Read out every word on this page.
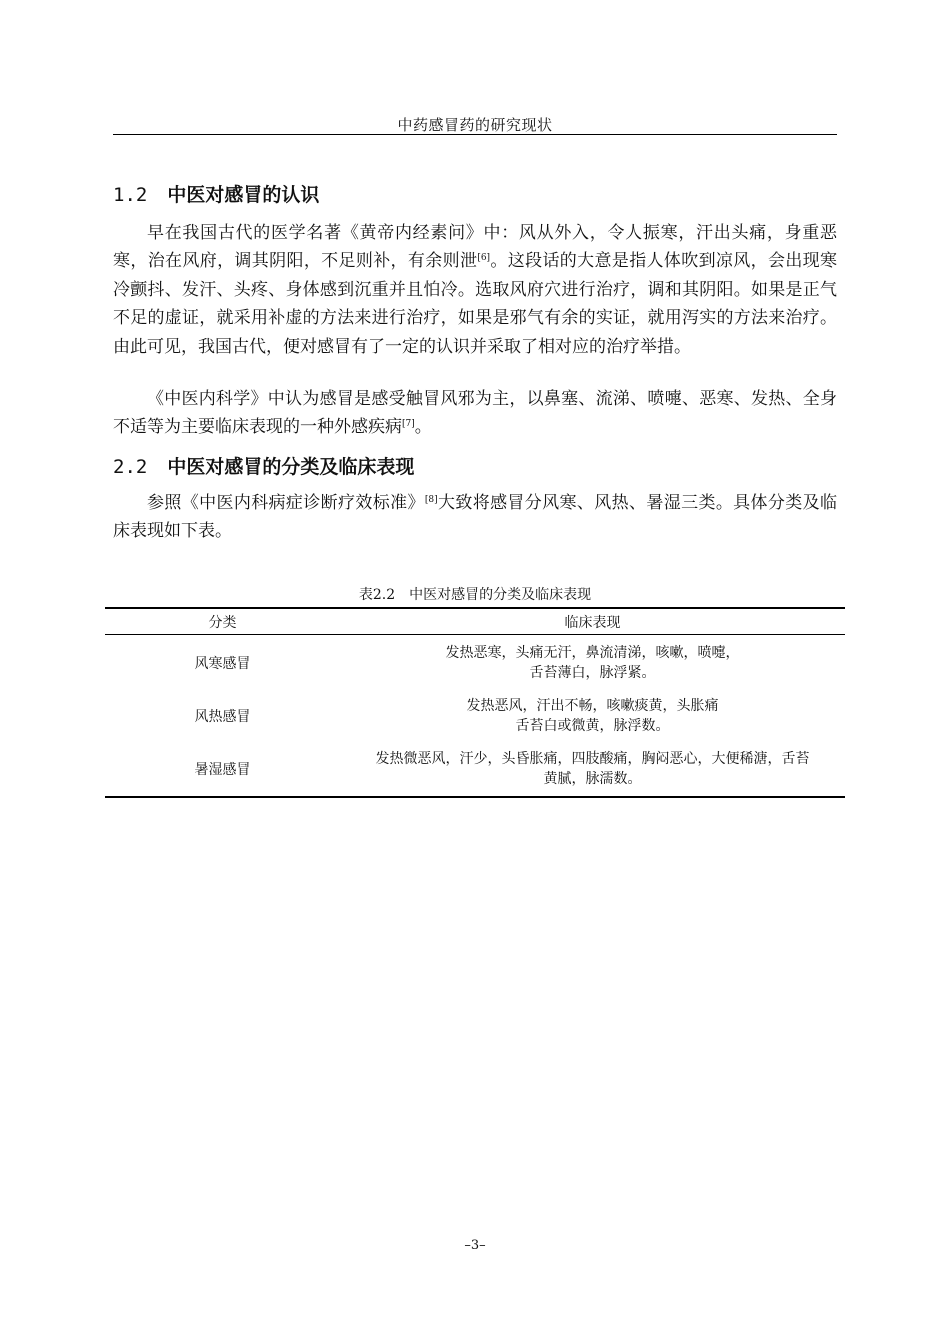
中药感冒药的研究现状
1.2 中医对感冒的认识

早在我国古代的医学名著《黄帝内经素问》中：风从外入，令人振寒，汗出头痛，身重恶寒，治在风府，调其阴阳，不足则补，有余则泄[6]。这段话的大意是指人体吹到凉风，会出现寒冷颤抖、发汗、头疼、身体感到沉重并且怕冷。选取风府穴进行治疗，调和其阴阳。如果是正气不足的虚证，就采用补虚的方法来进行治疗，如果是邪气有余的实证，就用泻实的方法来治疗。由此可见，我国古代，便对感冒有了一定的认识并采取了相对应的治疗举措。

《中医内科学》中认为感冒是感受触冒风邪为主，以鼻塞、流涕、喷嚏、恶寒、发热、全身不适等为主要临床表现的一种外感疾病[7]。

2.2 中医对感冒的分类及临床表现

参照《中医内科病症诊断疗效标准》[8]大致将感冒分风寒、风热、暑湿三类。具体分类及临床表现如下表。

表2.2　中医对感冒的分类及临床表现
分类	临床表现
风寒感冒	发热恶寒，头痛无汗，鼻流清涕，咳嗽，喷嚏，
舌苔薄白，脉浮紧。
风热感冒	发热恶风，汗出不畅，咳嗽痰黄，头胀痛
舌苔白或微黄，脉浮数。
暑湿感冒	发热微恶风，汗少，头昏胀痛，四肢酸痛，胸闷恶心，大便稀溏，舌苔
黄腻，脉濡数。
–3–
